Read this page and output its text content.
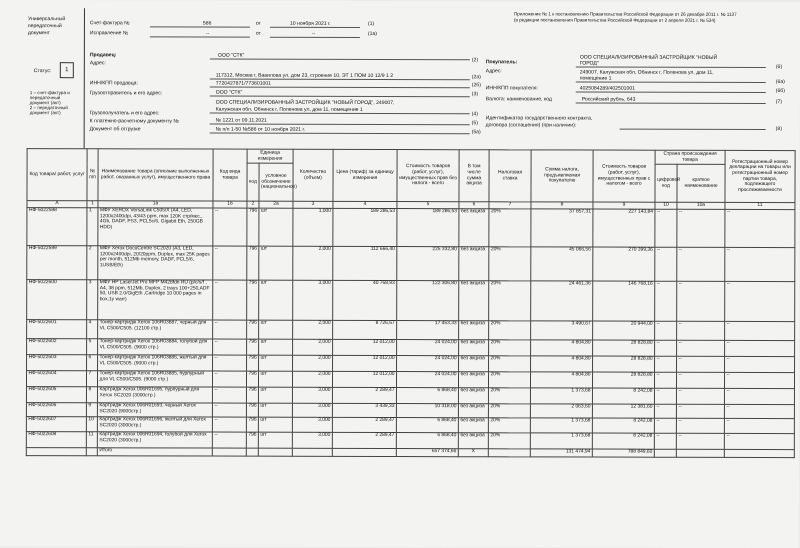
Приложение № 1 к постановлению Правительства Российской Федерации от 26 декабря 2011 г. № 1137
(в редакции постановления Правительства Российской Федерации от 2 апреля 2021 г. № 534)
Универсальный
передаточный
документ
Статус:	1
1 – счет-фактура и
передаточный
документ (акт)
2 – передаточный
документ (акт)
Счет-фактура №	586	от	10 ноября 2021 г.	(1)
Исправление №	--	от	--	(1а)
Продавец:	ООО "СТК"
(2)
Адрес:
117312, Москва г, Вавилова ул, дом 23, строение 10, ЭТ 1 ПОМ 10 12/9 1 2	(2а)
ИНН/КПП продавца:	7720427871/773601001	(2б)
Грузоотправитель и его адрес:	ООО "СТК"	(3)
Грузополучатель и его адрес:
ООО СПЕЦИАЛИЗИРОВАННЫЙ ЗАСТРОЙЩИК "НОВЫЙ ГОРОД", 249007,
Калужская обл, Обнинск г, Поленова ул, дом 11, помещение 1
(4)
К платежно-расчетному документу №	№ 1221 от 09.11.2021	(5)
Документ об отгрузке	№ п/п 1-50 №586 от 10 ноября 2021 г.	(5а)
Покупатель:
ООО СПЕЦИАЛИЗИРОВАННЫЙ ЗАСТРОЙЩИК "НОВЫЙ
ГОРОД"
(6)
Адрес:	249007, Калужская обл, Обнинск г, Поленова ул, дом 11,
помещение 1
(6а)
ИНН/КПП покупателя:	4025084289/402501001	(6б)
Валюта: наименование, код	Российский рубль, 643	(7)
Идентификатор государственного контракта,
договора (соглашения) (при наличии):
(8)
Код товара/ работ, услуг	№ п/п	Наименование товара (описание выполненных работ, оказанных услуг), имущественного права	Код вида товара	Единица измерения		Количество (объем)	Цена (тариф) за единицу измерения	Стоимость товаров (работ, услуг), имущественных прав без налога - всего	В том числе сумма акциза	Налоговая ставка	Сумма налога, предъявляемая покупателю	Стоимость товаров (работ, услуг), имущественных прав с налогом - всего	Страна происхождения товара		Регистрационный номер декларации на товары или регистрационный номер партии товара, подлежащего прослеживаемости
				код	условное обозначение (национальное)								цифровой код	краткое наименование	
А	1	1а	1б	2	2а	3	4	5	6	7	8	9	10	10а	11
НФ-5022598	1	МФУ XEROX VersaLink C505/X (A4, LED, 1200x2400dpi, 43/43 ppm, max 120K стр/мес., 4Gb, DADF, PS3, PCL5c/6, Gigabit Eth, 250GB HDD)	--	796	шт	1,000	189 286,53	189 286,53	без акциза	20%	37 857,31	227 143,84	--	--	--
НФ-5022599	2	МФУ Xerox DocuCentre SC2020 (A3, LED, 1200x2400dpi, 20/20ppm, Duplex, max 25K pages per month, 512Mb memory, DADF, PCL5/6, 1USB/Eth)	--	796	шт	2,000	112 666,40	225 332,80	без акциза	20%	45 066,56	270 399,36	--	--	--
НФ-5022600	3	МФУ HP LaserJet Pro MFP M428fdn RU (p/c/s/f , A4, 38 ppm, 512Mb, Duplex, 2 trays 100+250,ADF 50, USB 2.0/GigEth ,Cartridge 10 000 pages in box,1y warr)	--	796	шт	3,000	40 768,93	122 306,80	без акциза	20%	24 461,36	146 768,16	--	--	--
НФ-5022601	4	Тонер-картридж Xerox 106R03887, черный для VL C500/C505. (12100 стр.)	--	796	шт	2,000	8 726,67	17 453,33	без акциза	20%	3 490,67	20 944,00	--	--	--
НФ-5022602	5	Тонер-картридж Xerox 106R03884, голубой для VL C500/C505. (9000 стр.)	--	796	шт	2,000	12 012,00	24 024,00	без акциза	20%	4 804,80	28 828,80	--	--	--
НФ-5022603	6	Тонер-картридж Xerox 106R03886, желтый для VL C500/C505. (9000 стр.)	--	796	шт	2,000	12 012,00	24 024,00	без акциза	20%	4 804,80	28 828,80	--	--	--
НФ-5022604	7	Тонер-картридж Xerox 106R03885, пурпурный для VL C500/C505. (9000 стр.)	--	796	шт	2,000	12 012,00	24 024,00	без акциза	20%	4 804,80	28 828,80	--	--	--
НФ-5022605	8	Картридж Xerox 006R01695, пурпурный для Xerox SC2020 (3000стр.)	--	796	шт	3,000	2 289,47	6 868,40	без акциза	20%	1 373,68	8 242,08	--	--	--
НФ-5022606	9	Картридж Xerox 006R01693, черный Xerox SC2020 (9000стр.)	--	796	шт	3,000	3 439,33	10 318,00	без акциза	20%	2 063,60	12 381,60	--	--	--
НФ-5022607	10	Картридж Xerox 006R01696, желтый для Xerox SC2020 (3000стр.)	--	796	шт	3,000	2 289,47	6 868,40	без акциза	20%	1 373,68	8 242,08	--	--	--
НФ-5022608	11	Картридж Xerox 006R01694, голубой для Xerox SC2020 (3000стр.)	--	796	шт	3,000	2 289,47	6 868,40	без акциза	20%	1 373,68	8 242,08	--	--	--
		Итого						657 374,66	Х		131 474,94	788 849,60			
